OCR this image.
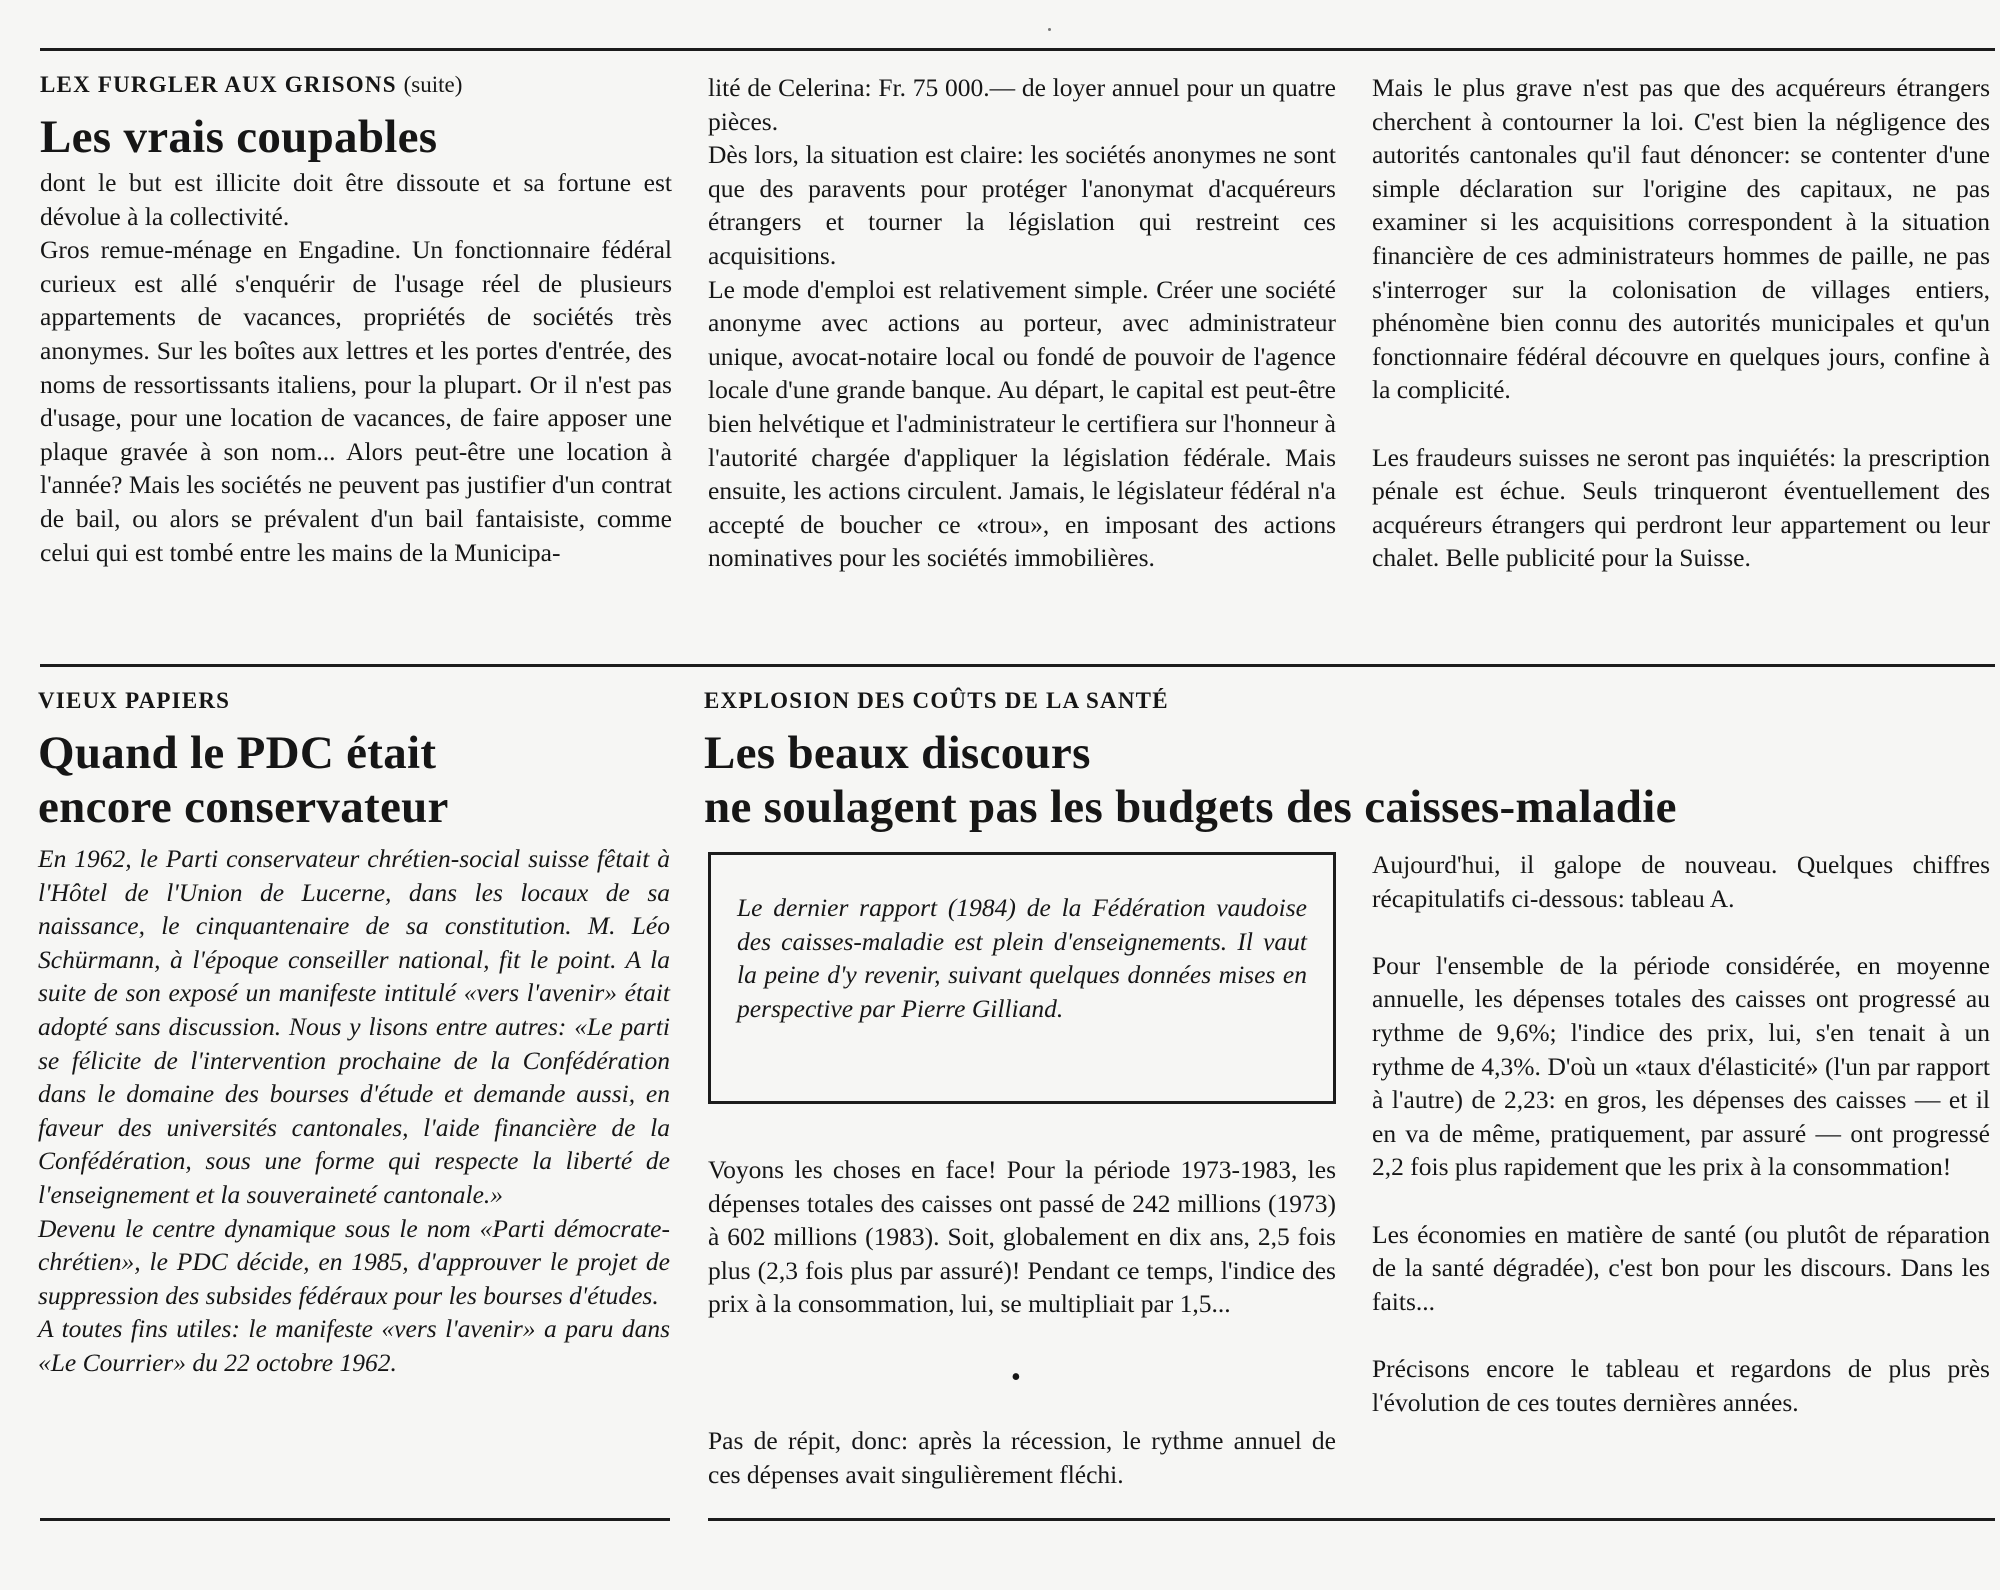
LEX FURGLER AUX GRISONS (suite)

Les vrais coupables

dont le but est illicite doit être dissoute et sa fortune est dévolue à la collectivité.

Gros remue-ménage en Engadine. Un fonctionnaire fédéral curieux est allé s'enquérir de l'usage réel de plusieurs appartements de vacances, propriétés de sociétés très anonymes. Sur les boîtes aux lettres et les portes d'entrée, des noms de ressortissants italiens, pour la plupart. Or il n'est pas d'usage, pour une location de vacances, de faire apposer une plaque gravée à son nom... Alors peut-être une location à l'année? Mais les sociétés ne peuvent pas justifier d'un contrat de bail, ou alors se prévalent d'un bail fantaisiste, comme celui qui est tombé entre les mains de la Municipa-

lité de Celerina: Fr. 75 000.— de loyer annuel pour un quatre pièces.

Dès lors, la situation est claire: les sociétés anonymes ne sont que des paravents pour protéger l'anonymat d'acquéreurs étrangers et tourner la législation qui restreint ces acquisitions.

Le mode d'emploi est relativement simple. Créer une société anonyme avec actions au porteur, avec administrateur unique, avocat-notaire local ou fondé de pouvoir de l'agence locale d'une grande banque. Au départ, le capital est peut-être bien helvétique et l'administrateur le certifiera sur l'honneur à l'autorité chargée d'appliquer la législation fédérale. Mais ensuite, les actions circulent. Jamais, le législateur fédéral n'a accepté de boucher ce «trou», en imposant des actions nominatives pour les sociétés immobilières.

Mais le plus grave n'est pas que des acquéreurs étrangers cherchent à contourner la loi. C'est bien la négligence des autorités cantonales qu'il faut dénoncer: se contenter d'une simple déclaration sur l'origine des capitaux, ne pas examiner si les acquisitions correspondent à la situation financière de ces administrateurs hommes de paille, ne pas s'interroger sur la colonisation de villages entiers, phénomène bien connu des autorités municipales et qu'un fonctionnaire fédéral découvre en quelques jours, confine à la complicité.

Les fraudeurs suisses ne seront pas inquiétés: la prescription pénale est échue. Seuls trinqueront éventuellement des acquéreurs étrangers qui perdront leur appartement ou leur chalet. Belle publicité pour la Suisse.

VIEUX PAPIERS

Quand le PDC était
encore conservateur

En 1962, le Parti conservateur chrétien-social suisse fêtait à l'Hôtel de l'Union de Lucerne, dans les locaux de sa naissance, le cinquantenaire de sa constitution. M. Léo Schürmann, à l'époque conseiller national, fit le point. A la suite de son exposé un manifeste intitulé «vers l'avenir» était adopté sans discussion. Nous y lisons entre autres: «Le parti se félicite de l'intervention prochaine de la Confédération dans le domaine des bourses d'étude et demande aussi, en faveur des universités cantonales, l'aide financière de la Confédération, sous une forme qui respecte la liberté de l'enseignement et la souveraineté cantonale.»

Devenu le centre dynamique sous le nom «Parti démocrate-chrétien», le PDC décide, en 1985, d'approuver le projet de suppression des subsides fédéraux pour les bourses d'études.

A toutes fins utiles: le manifeste «vers l'avenir» a paru dans «Le Courrier» du 22 octobre 1962.

EXPLOSION DES COÛTS DE LA SANTÉ

Les beaux discours
ne soulagent pas les budgets des caisses-maladie

Le dernier rapport (1984) de la Fédération vaudoise des caisses-maladie est plein d'enseignements. Il vaut la peine d'y revenir, suivant quelques données mises en perspective par Pierre Gilliand.

Voyons les choses en face! Pour la période 1973-1983, les dépenses totales des caisses ont passé de 242 millions (1973) à 602 millions (1983). Soit, globalement en dix ans, 2,5 fois plus (2,3 fois plus par assuré)! Pendant ce temps, l'indice des prix à la consommation, lui, se multipliait par 1,5...

•

Pas de répit, donc: après la récession, le rythme annuel de ces dépenses avait singulièrement fléchi.

Aujourd'hui, il galope de nouveau. Quelques chiffres récapitulatifs ci-dessous: tableau A.

Pour l'ensemble de la période considérée, en moyenne annuelle, les dépenses totales des caisses ont progressé au rythme de 9,6%; l'indice des prix, lui, s'en tenait à un rythme de 4,3%. D'où un «taux d'élasticité» (l'un par rapport à l'autre) de 2,23: en gros, les dépenses des caisses — et il en va de même, pratiquement, par assuré — ont progressé 2,2 fois plus rapidement que les prix à la consommation!

Les économies en matière de santé (ou plutôt de réparation de la santé dégradée), c'est bon pour les discours. Dans les faits...

Précisons encore le tableau et regardons de plus près l'évolution de ces toutes dernières années.
